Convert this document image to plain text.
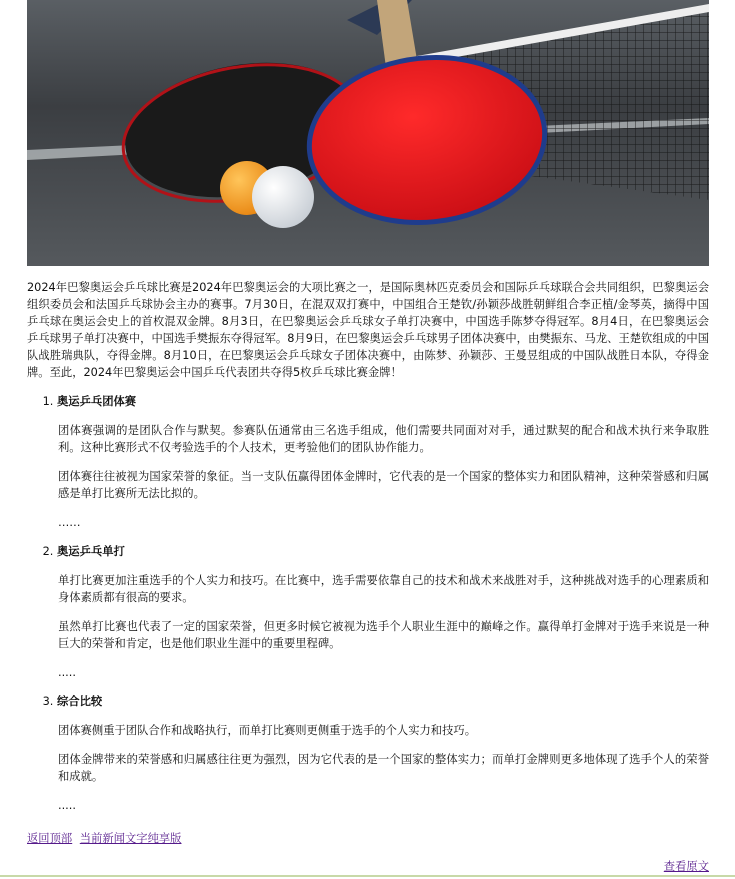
2024年巴黎奥运会乒乓球比赛是2024年巴黎奥运会的大项比赛之一，是国际奥林匹克委员会和国际乒乓球联合会共同组织，巴黎奥运会组织委员会和法国乒乓球协会主办的赛事。7月30日，在混双双打赛中，中国组合王楚钦/孙颖莎战胜朝鲜组合李正植/金琴英，摘得中国乒乓球在奥运会史上的首枚混双金牌。8月3日，在巴黎奥运会乒乓球女子单打决赛中，中国选手陈梦夺得冠军。8月4日，在巴黎奥运会乒乓球男子单打决赛中，中国选手樊振东夺得冠军。8月9日，在巴黎奥运会乒乓球男子团体决赛中，由樊振东、马龙、王楚钦组成的中国队战胜瑞典队，夺得金牌。8月10日，在巴黎奥运会乒乓球女子团体决赛中，由陈梦、孙颖莎、王曼昱组成的中国队战胜日本队，夺得金牌。至此，2024年巴黎奥运会中国乒乓代表团共夺得5枚乒乓球比赛金牌！

1. 奥运乒乓团体赛

团体赛强调的是团队合作与默契。参赛队伍通常由三名选手组成，他们需要共同面对对手，通过默契的配合和战术执行来争取胜利。这种比赛形式不仅考验选手的个人技术，更考验他们的团队协作能力。

团体赛往往被视为国家荣誉的象征。当一支队伍赢得团体金牌时，它代表的是一个国家的整体实力和团队精神，这种荣誉感和归属感是单打比赛所无法比拟的。

……

2. 奥运乒乓单打

单打比赛更加注重选手的个人实力和技巧。在比赛中，选手需要依靠自己的技术和战术来战胜对手，这种挑战对选手的心理素质和身体素质都有很高的要求。

虽然单打比赛也代表了一定的国家荣誉，但更多时候它被视为选手个人职业生涯中的巅峰之作。赢得单打金牌对于选手来说是一种巨大的荣誉和肯定，也是他们职业生涯中的重要里程碑。

.....

3. 综合比较

团体赛侧重于团队合作和战略执行，而单打比赛则更侧重于选手的个人实力和技巧。

团体金牌带来的荣誉感和归属感往往更为强烈，因为它代表的是一个国家的整体实力；而单打金牌则更多地体现了选手个人的荣誉和成就。

.....

返回顶部 当前新闻文字纯享版
查看原文
